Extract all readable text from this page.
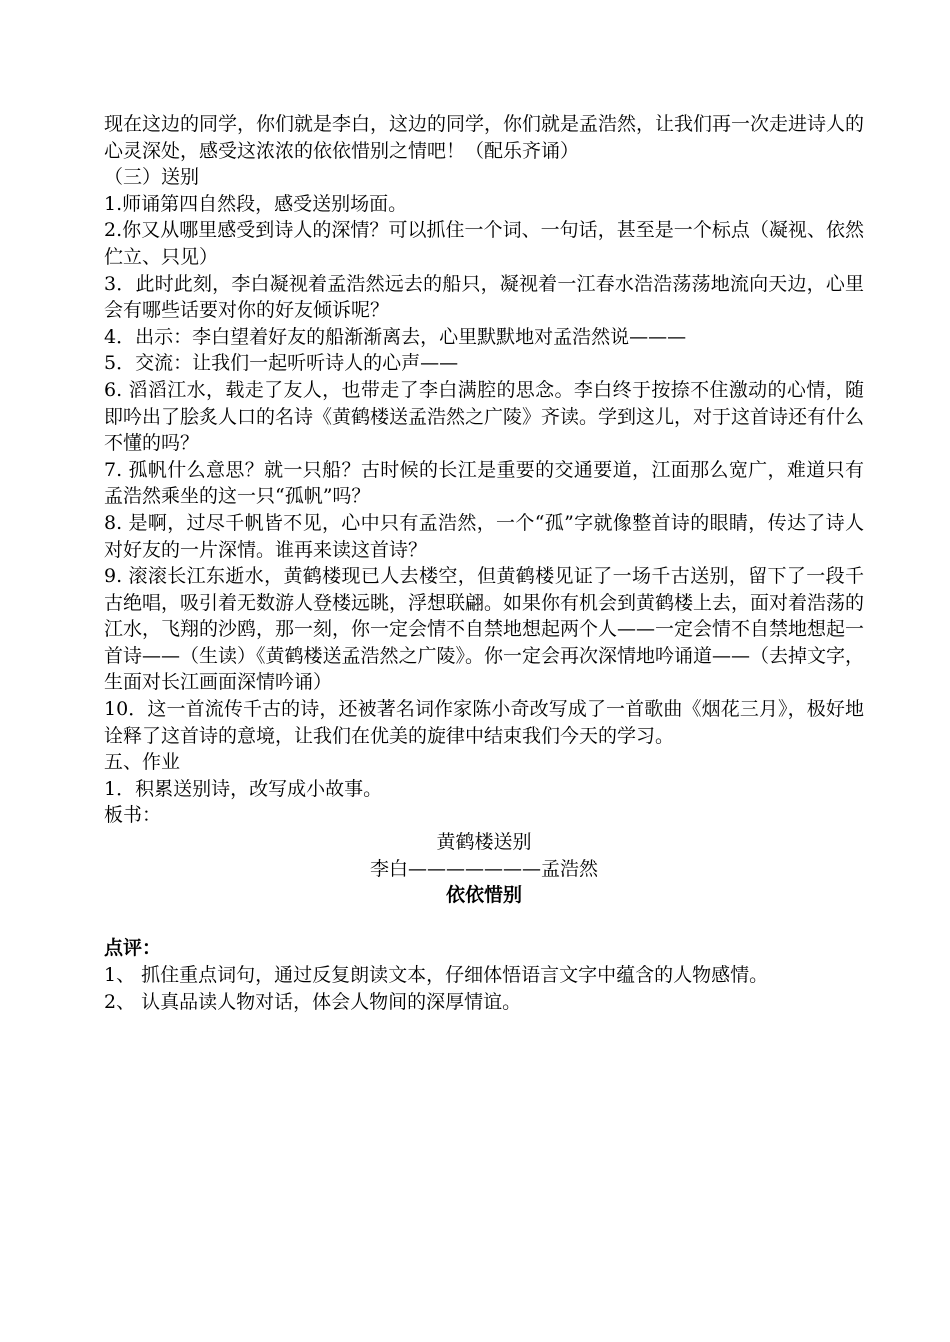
现在这边的同学，你们就是李白，这边的同学，你们就是孟浩然，让我们再一次走进诗人的心灵深处，感受这浓浓的依依惜别之情吧！（配乐齐诵）

（三）送别

1.师诵第四自然段，感受送别场面。

2.你又从哪里感受到诗人的深情？可以抓住一个词、一句话，甚至是一个标点（凝视、依然伫立、只见）

3．此时此刻，李白凝视着孟浩然远去的船只，凝视着一江春水浩浩荡荡地流向天边，心里会有哪些话要对你的好友倾诉呢？

4．出示：李白望着好友的船渐渐离去，心里默默地对孟浩然说———

5．交流：让我们一起听听诗人的心声——

6. 滔滔江水，载走了友人，也带走了李白满腔的思念。李白终于按捺不住激动的心情，随即吟出了脍炙人口的名诗《黄鹤楼送孟浩然之广陵》齐读。学到这儿，对于这首诗还有什么不懂的吗？

7. 孤帆什么意思？就一只船？古时候的长江是重要的交通要道，江面那么宽广，难道只有孟浩然乘坐的这一只“孤帆”吗？

8. 是啊，过尽千帆皆不见，心中只有孟浩然，一个“孤”字就像整首诗的眼睛，传达了诗人对好友的一片深情。谁再来读这首诗？

9. 滚滚长江东逝水，黄鹤楼现已人去楼空，但黄鹤楼见证了一场千古送别，留下了一段千古绝唱，吸引着无数游人登楼远眺，浮想联翩。如果你有机会到黄鹤楼上去，面对着浩荡的江水，飞翔的沙鸥，那一刻，你一定会情不自禁地想起两个人——一定会情不自禁地想起一首诗——（生读）《黄鹤楼送孟浩然之广陵》。你一定会再次深情地吟诵道——（去掉文字，生面对长江画面深情吟诵）

10．这一首流传千古的诗，还被著名词作家陈小奇改写成了一首歌曲《烟花三月》，极好地诠释了这首诗的意境，让我们在优美的旋律中结束我们今天的学习。

五、作业

1．积累送别诗，改写成小故事。

板书：

黄鹤楼送别

李白———————孟浩然

依依惜别

点评：

1、 抓住重点词句，通过反复朗读文本，仔细体悟语言文字中蕴含的人物感情。

2、 认真品读人物对话，体会人物间的深厚情谊。
